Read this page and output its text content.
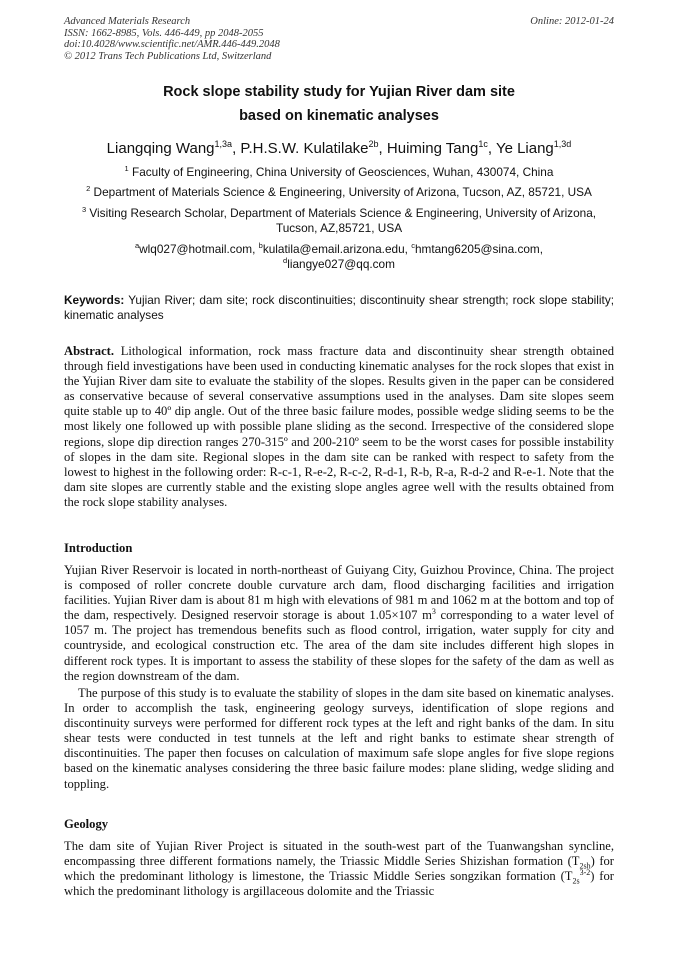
Advanced Materials Research
ISSN: 1662-8985, Vols. 446-449, pp 2048-2055
doi:10.4028/www.scientific.net/AMR.446-449.2048
© 2012 Trans Tech Publications Ltd, Switzerland
Online: 2012-01-24
Rock slope stability study for Yujian River dam site
based on kinematic analyses
Liangqing Wang$^{1,3a}$, P.H.S.W. Kulatilake$^{2b}$, Huiming Tang$^{1c}$, Ye Liang$^{1,3d}$
$^1$ Faculty of Engineering, China University of Geosciences, Wuhan, 430074, China
$^2$ Department of Materials Science & Engineering, University of Arizona, Tucson, AZ, 85721, USA
$^3$ Visiting Research Scholar, Department of Materials Science & Engineering, University of Arizona,
Tucson, AZ,85721, USA
$^a$wlq027@hotmail.com, $^b$kulatila@email.arizona.edu, $^c$hmtang6205@sina.com,
$^d$liangye027@qq.com
Keywords: Yujian River; dam site; rock discontinuities; discontinuity shear strength; rock slope stability; kinematic analyses

Abstract. Lithological information, rock mass fracture data and discontinuity shear strength obtained through field investigations have been used in conducting kinematic analyses for the rock slopes that exist in the Yujian River dam site to evaluate the stability of the slopes. Results given in the paper can be considered as conservative because of several conservative assumptions used in the analyses. Dam site slopes seem quite stable up to 40º dip angle. Out of the three basic failure modes, possible wedge sliding seems to be the most likely one followed up with possible plane sliding as the second. Irrespective of the considered slope regions, slope dip direction ranges 270-315º and 200-210º seem to be the worst cases for possible instability of slopes in the dam site. Regional slopes in the dam site can be ranked with respect to safety from the lowest to highest in the following order: R-c-1, R-e-2, R-c-2, R-d-1, R-b, R-a, R-d-2 and R-e-1. Note that the dam site slopes are currently stable and the existing slope angles agree well with the results obtained from the rock slope stability analyses.

Introduction

Yujian River Reservoir is located in north-northeast of Guiyang City, Guizhou Province, China. The project is composed of roller concrete double curvature arch dam, flood discharging facilities and irrigation facilities. Yujian River dam is about 81 m high with elevations of 981 m and 1062 m at the bottom and top of the dam, respectively. Designed reservoir storage is about 1.05×107 $m^3$ corresponding to a water level of 1057 m. The project has tremendous benefits such as flood control, irrigation, water supply for city and countryside, and ecological construction etc. The area of the dam site includes different high slopes in different rock types. It is important to assess the stability of these slopes for the safety of the dam as well as the region downstream of the dam.

The purpose of this study is to evaluate the stability of slopes in the dam site based on kinematic analyses. In order to accomplish the task, engineering geology surveys, identification of slope regions and discontinuity surveys were performed for different rock types at the left and right banks of the dam. In situ shear tests were conducted in test tunnels at the left and right banks to estimate shear strength of discontinuities. The paper then focuses on calculation of maximum safe slope angles for five slope regions based on the kinematic analyses considering the three basic failure modes: plane sliding, wedge sliding and toppling.

Geology

The dam site of Yujian River Project is situated in the south-west part of the Tuanwangshan syncline, encompassing three different formations namely, the Triassic Middle Series Shizishan formation $(T_{2sh})$ for which the predominant lithology is limestone, the Triassic Middle Series songzikan formation $(T_{2s}^{3-2})$ for which the predominant lithology is argillaceous dolomite and the Triassic
